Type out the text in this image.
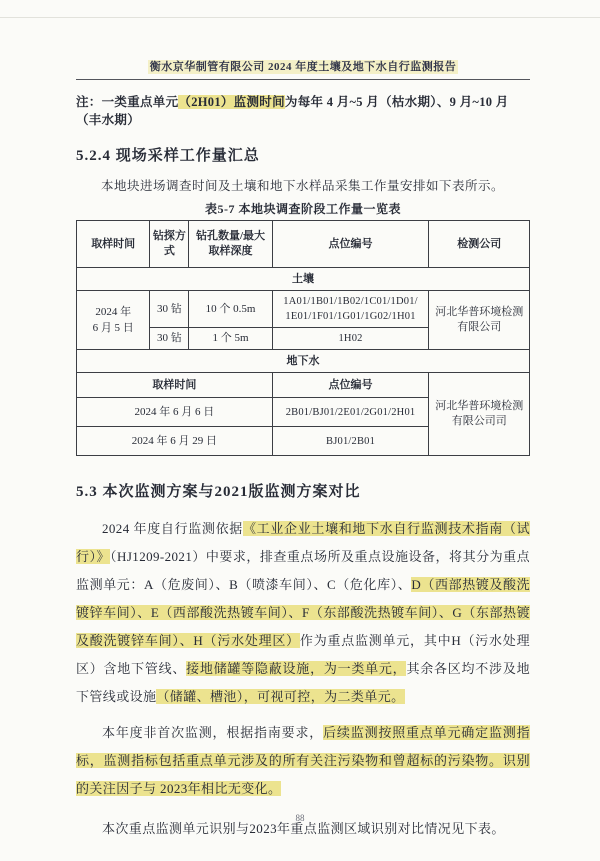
衡水京华制管有限公司 2024 年度土壤及地下水自行监测报告
注：一类重点单元（2H01）监测时间为每年 4 月~5 月（枯水期）、9 月~10 月（丰水期）
5.2.4 现场采样工作量汇总

本地块进场调查时间及土壤和地下水样品采集工作量安排如下表所示。

表5-7 本地块调查阶段工作量一览表
取样时间	钻探方式	钻孔数量/最大取样深度	点位编号	检测公司
土壤				

2024 年
6 月 5 日	30 钻	10 个 0.5m	1A01/1B01/1B02/1C01/1D01/
1E01/1F01/1G01/1G02/1H01	河北华普环境检测有限公司
	30 钻	1 个 5m	1H02	
地下水				
取样时间			点位编号	河北华普环境检测有限公司司
2024 年 6 月 6 日			2B01/BJ01/2E01/2G01/2H01	
2024 年 6 月 29 日			BJ01/2B01	
5.3 本次监测方案与2021版监测方案对比

2024 年度自行监测依据《工业企业土壤和地下水自行监测技术指南（试行）》（HJ1209-2021）中要求，排查重点场所及重点设施设备，将其分为重点监测单元：A（危废间）、B（喷漆车间）、C（危化库）、D（西部热镀及酸洗镀锌车间）、E（西部酸洗热镀车间）、F（东部酸洗热镀车间）、G（东部热镀及酸洗镀锌车间）、H（污水处理区）作为重点监测单元，其中H（污水处理区）含地下管线、接地储罐等隐蔽设施，为一类单元，其余各区均不涉及地下管线或设施（储罐、槽池），可视可控，为二类单元。

本年度非首次监测，根据指南要求，后续监测按照重点单元确定监测指标，监测指标包括重点单元涉及的所有关注污染物和曾超标的污染物。识别的关注因子与 2023年相比无变化。

本次重点监测单元识别与2023年重点监测区域识别对比情况见下表。

88
